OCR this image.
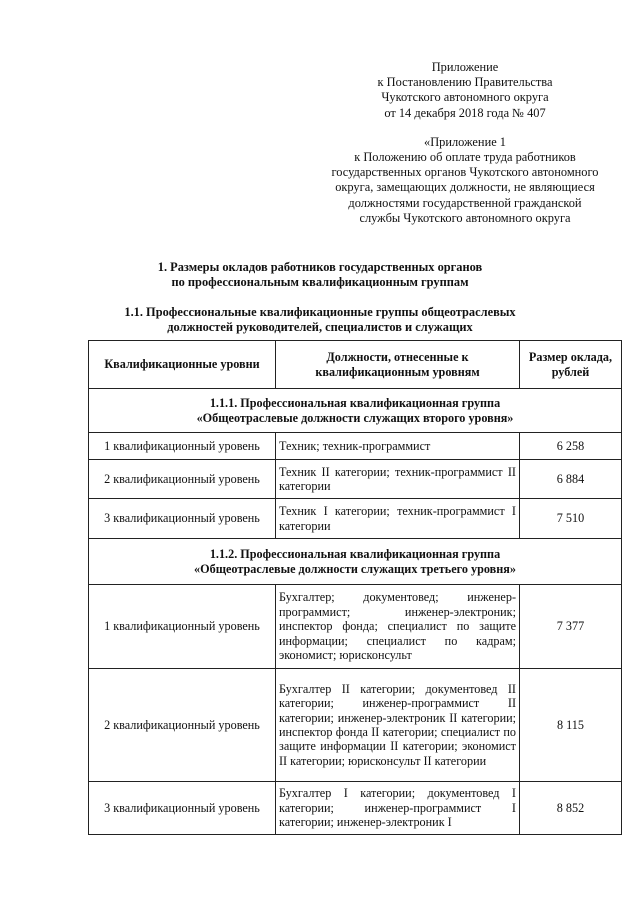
Приложение
к Постановлению Правительства
Чукотского автономного округа
от 14 декабря 2018 года № 407
«Приложение 1
к Положению об оплате труда работников
государственных органов Чукотского автономного
округа, замещающих должности, не являющиеся
должностями государственной гражданской
службы Чукотского автономного округа
1. Размеры окладов работников государственных органов
по профессиональным квалификационным группам
1.1. Профессиональные квалификационные группы общеотраслевых
должностей руководителей, специалистов и служащих
Квалификационные уровни	Должности, отнесенные к квалификационным уровням	Размер оклада, рублей

1.1.1. Профессиональная квалификационная группа
«Общеотраслевые должности служащих второго уровня»		

1 квалификационный уровень	Техник; техник-программист	6 258
2 квалификационный уровень	Техник II категории; техник-программист II категории	6 884
3 квалификационный уровень	Техник I категории; техник-программист I категории	7 510

1.1.2. Профессиональная квалификационная группа
«Общеотраслевые должности служащих третьего уровня»		

1 квалификационный уровень	Бухгалтер; документовед; инженер-программист; инженер-электроник; инспектор фонда; специалист по защите информации; специалист по кадрам; экономист; юрисконсульт	7 377
2 квалификационный уровень	Бухгалтер II категории; документовед II категории; инженер-программист II категории; инженер-электроник II категории; инспектор фонда II категории; специалист по защите информации II категории; экономист II категории; юрисконсульт II категории	8 115
3 квалификационный уровень	Бухгалтер I категории; документовед I категории; инженер-программист I категории; инженер-электроник I	8 852
